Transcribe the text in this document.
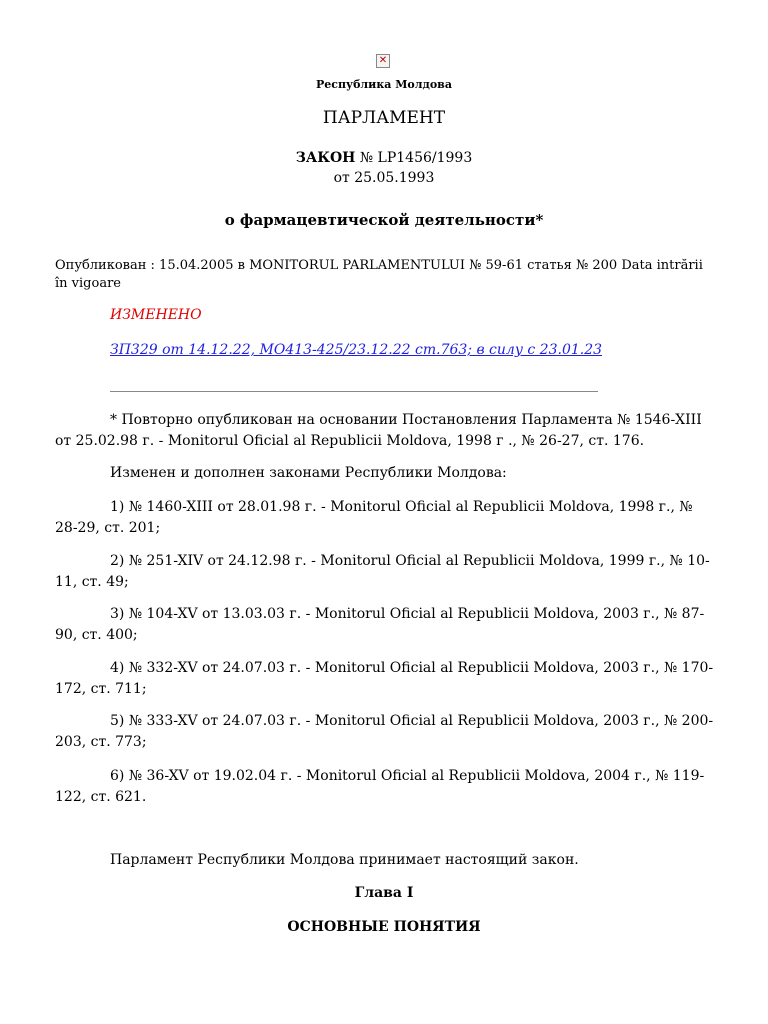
✕
Республика Молдова
ПАРЛАМЕНТ
ЗАКОН № LP1456/1993
от 25.05.1993
о фармацевтической деятельности*
Опубликован : 15.04.2005 в MONITORUL PARLAMENTULUI № 59-61 статья № 200 Data intrării în vigoare
ИЗМЕНЕНО
ЗП329 от 14.12.22, МО413-425/23.12.22 ст.763; в силу с 23.01.23
* Повторно опубликован на основании Постановления Парламента № 1546-XIII от 25.02.98 г. - Monitorul Oficial al Republicii Moldova, 1998 г ., № 26-27, ст. 176.
Изменен и дополнен законами Республики Молдова:
1) № 1460-XIII от 28.01.98 г. - Monitorul Oficial al Republicii Moldova, 1998 г., № 28-29, ст. 201;
2) № 251-XIV от 24.12.98 г. - Monitorul Oficial al Republicii Moldova, 1999 г., № 10-11, ст. 49;
3) № 104-XV от 13.03.03 г. - Monitorul Oficial al Republicii Moldova, 2003 г., № 87-90, ст. 400;
4) № 332-XV от 24.07.03 г. - Monitorul Oficial al Republicii Moldova, 2003 г., № 170-172, ст. 711;
5) № 333-XV от 24.07.03 г. - Monitorul Oficial al Republicii Moldova, 2003 г., № 200-203, ст. 773;
6) № 36-XV от 19.02.04 г. - Monitorul Oficial al Republicii Moldova, 2004 г., № 119-122, ст. 621.
Парламент Республики Молдова принимает настоящий закон.
Глава I
ОСНОВНЫЕ ПОНЯТИЯ
